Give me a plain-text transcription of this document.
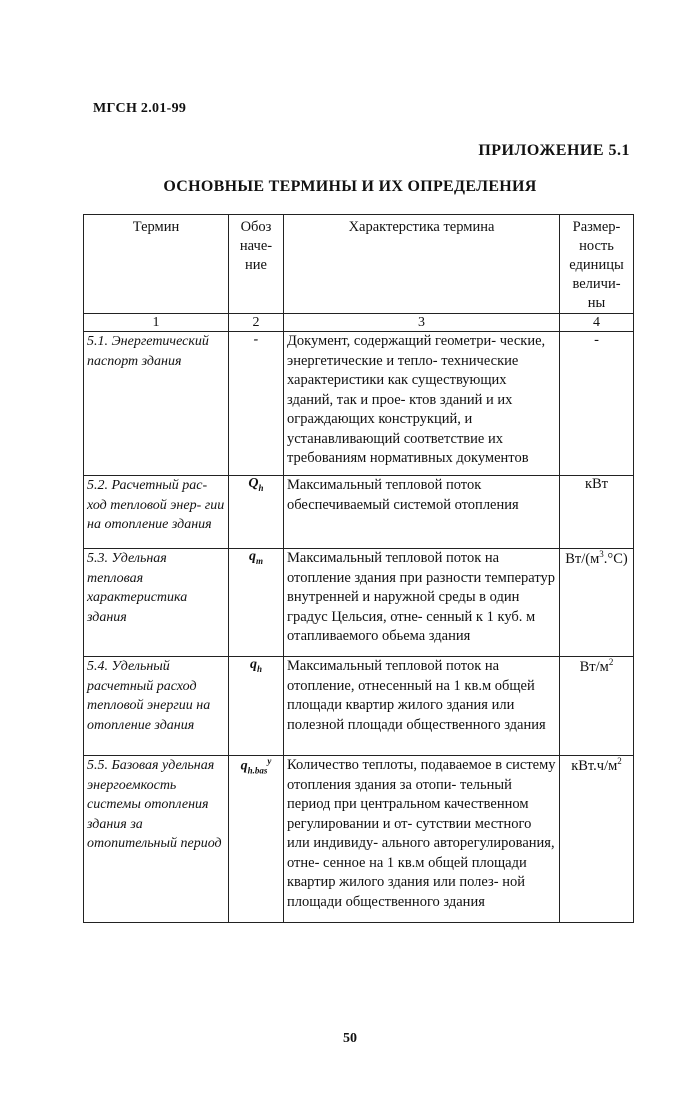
МГСН 2.01-99
ПРИЛОЖЕНИЕ 5.1
ОСНОВНЫЕ ТЕРМИНЫ И ИХ ОПРЕДЕЛЕНИЯ
Термин	Обоз наче- ние	Характерстика термина	Размер- ность единицы величи- ны
1	2	3	4
5.1. Энергетический паспорт здания	-	Документ, содержащий геометри- ческие, энергетические и тепло- технические характеристики как существующих зданий, так и прое- ктов зданий и их ограждающих конструкций, и устанавливающий соответствие их требованиям нормативных документов	-
5.2. Расчетный рас- ход тепловой энер- гии на отопление здания	$Q_h$	Максимальный тепловой поток обеспечиваемый системой отопления	кВт
5.3. Удельная тепловая характеристика здания	$q_m$	Максимальный тепловой поток на отопление здания при разности температур внутренней и наружной среды в один градус Цельсия, отне- сенный к 1 куб. м отапливаемого обьема здания	$Вт/(м^3.^\circ С)$
5.4. Удельный расчетный расход тепловой энергии на отопление здания	$q_h$	Максимальный тепловой поток на отопление, отнесенный на 1 кв.м общей площади квартир жилого здания или полезной площади общественного здания	$Вт/м^2$
5.5. Базовая удельная энергоемкость системы отопления здания за отопительный период	$q_{h.bas}^y$	Количество теплоты, подаваемое в систему отопления здания за отопи- тельный период при центральном качественном регулировании и от- сутствии местного или индивиду- ального авторегулирования, отне- сенное на 1 кв.м общей площади квартир жилого здания или полез- ной площади общественного здания	$кВт.ч/м^2$
50
